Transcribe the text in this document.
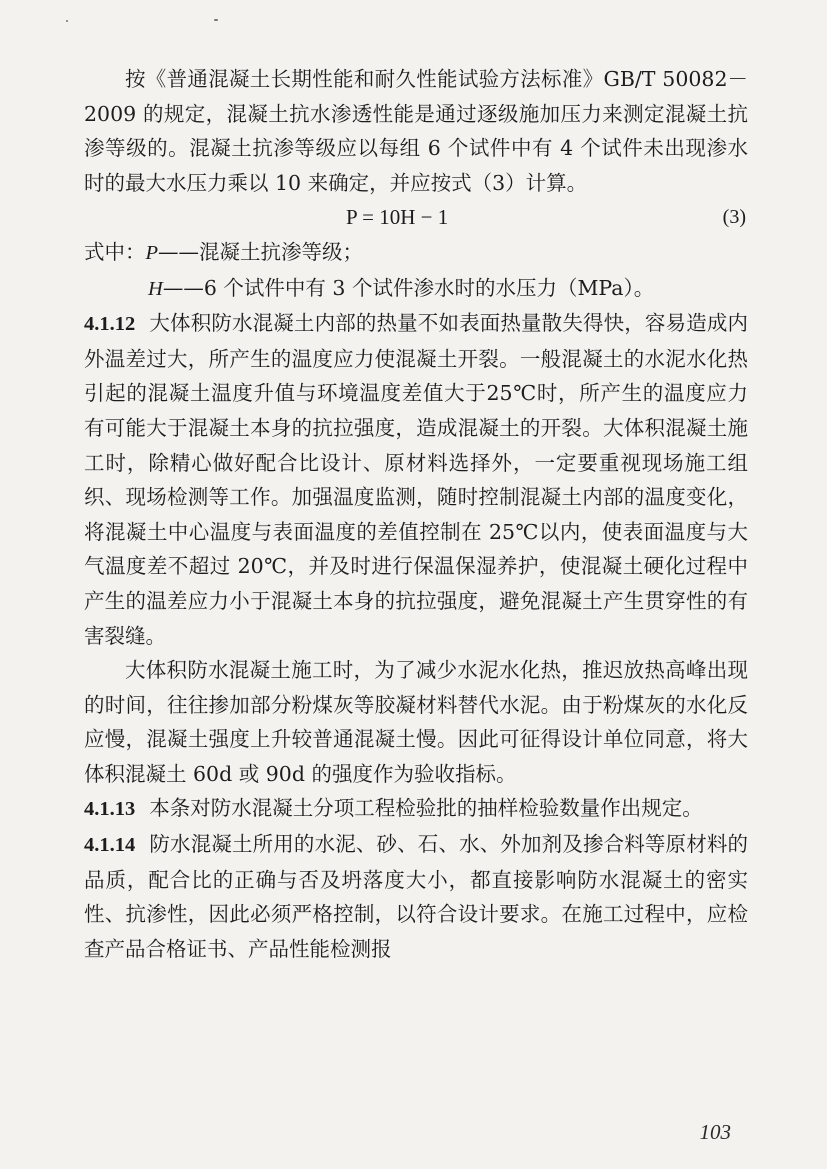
按《普通混凝土长期性能和耐久性能试验方法标准》GB/T 50082－2009 的规定，混凝土抗水渗透性能是通过逐级施加压力来测定混凝土抗渗等级的。混凝土抗渗等级应以每组 6 个试件中有 4 个试件未出现渗水时的最大水压力乘以 10 来确定，并应按式（3）计算。

P = 10H − 1	(3)

式中：P——混凝土抗渗等级；

H——6 个试件中有 3 个试件渗水时的水压力（MPa）。

4.1.12 大体积防水混凝土内部的热量不如表面热量散失得快，容易造成内外温差过大，所产生的温度应力使混凝土开裂。一般混凝土的水泥水化热引起的混凝土温度升值与环境温度差值大于25℃时，所产生的温度应力有可能大于混凝土本身的抗拉强度，造成混凝土的开裂。大体积混凝土施工时，除精心做好配合比设计、原材料选择外，一定要重视现场施工组织、现场检测等工作。加强温度监测，随时控制混凝土内部的温度变化，将混凝土中心温度与表面温度的差值控制在 25℃以内，使表面温度与大气温度差不超过 20℃，并及时进行保温保湿养护，使混凝土硬化过程中产生的温差应力小于混凝土本身的抗拉强度，避免混凝土产生贯穿性的有害裂缝。

大体积防水混凝土施工时，为了减少水泥水化热，推迟放热高峰出现的时间，往往掺加部分粉煤灰等胶凝材料替代水泥。由于粉煤灰的水化反应慢，混凝土强度上升较普通混凝土慢。因此可征得设计单位同意，将大体积混凝土 60d 或 90d 的强度作为验收指标。

4.1.13 本条对防水混凝土分项工程检验批的抽样检验数量作出规定。

4.1.14 防水混凝土所用的水泥、砂、石、水、外加剂及掺合料等原材料的品质，配合比的正确与否及坍落度大小，都直接影响防水混凝土的密实性、抗渗性，因此必须严格控制，以符合设计要求。在施工过程中，应检查产品合格证书、产品性能检测报

103
